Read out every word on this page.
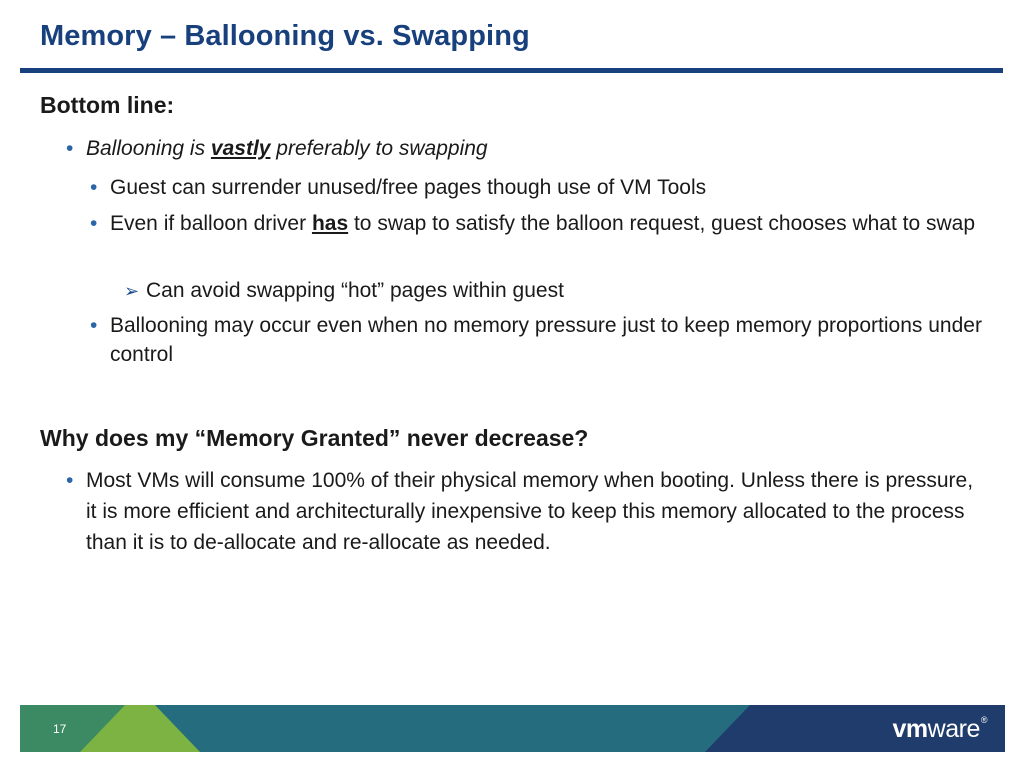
Memory – Ballooning vs. Swapping
Bottom line:

• Ballooning is vastly preferably to swapping

• Guest can surrender unused/free pages though use of VM Tools

• Even if balloon driver has to swap to satisfy the balloon request, guest chooses what to swap

➢ Can avoid swapping “hot” pages within guest

• Ballooning may occur even when no memory pressure just to keep memory proportions under control

Why does my “Memory Granted” never decrease?

• Most VMs will consume 100% of their physical memory when booting. Unless there is pressure, it is more efficient and architecturally inexpensive to keep this memory allocated to the process than it is to de-allocate and re-allocate as needed.

17	vmware®
